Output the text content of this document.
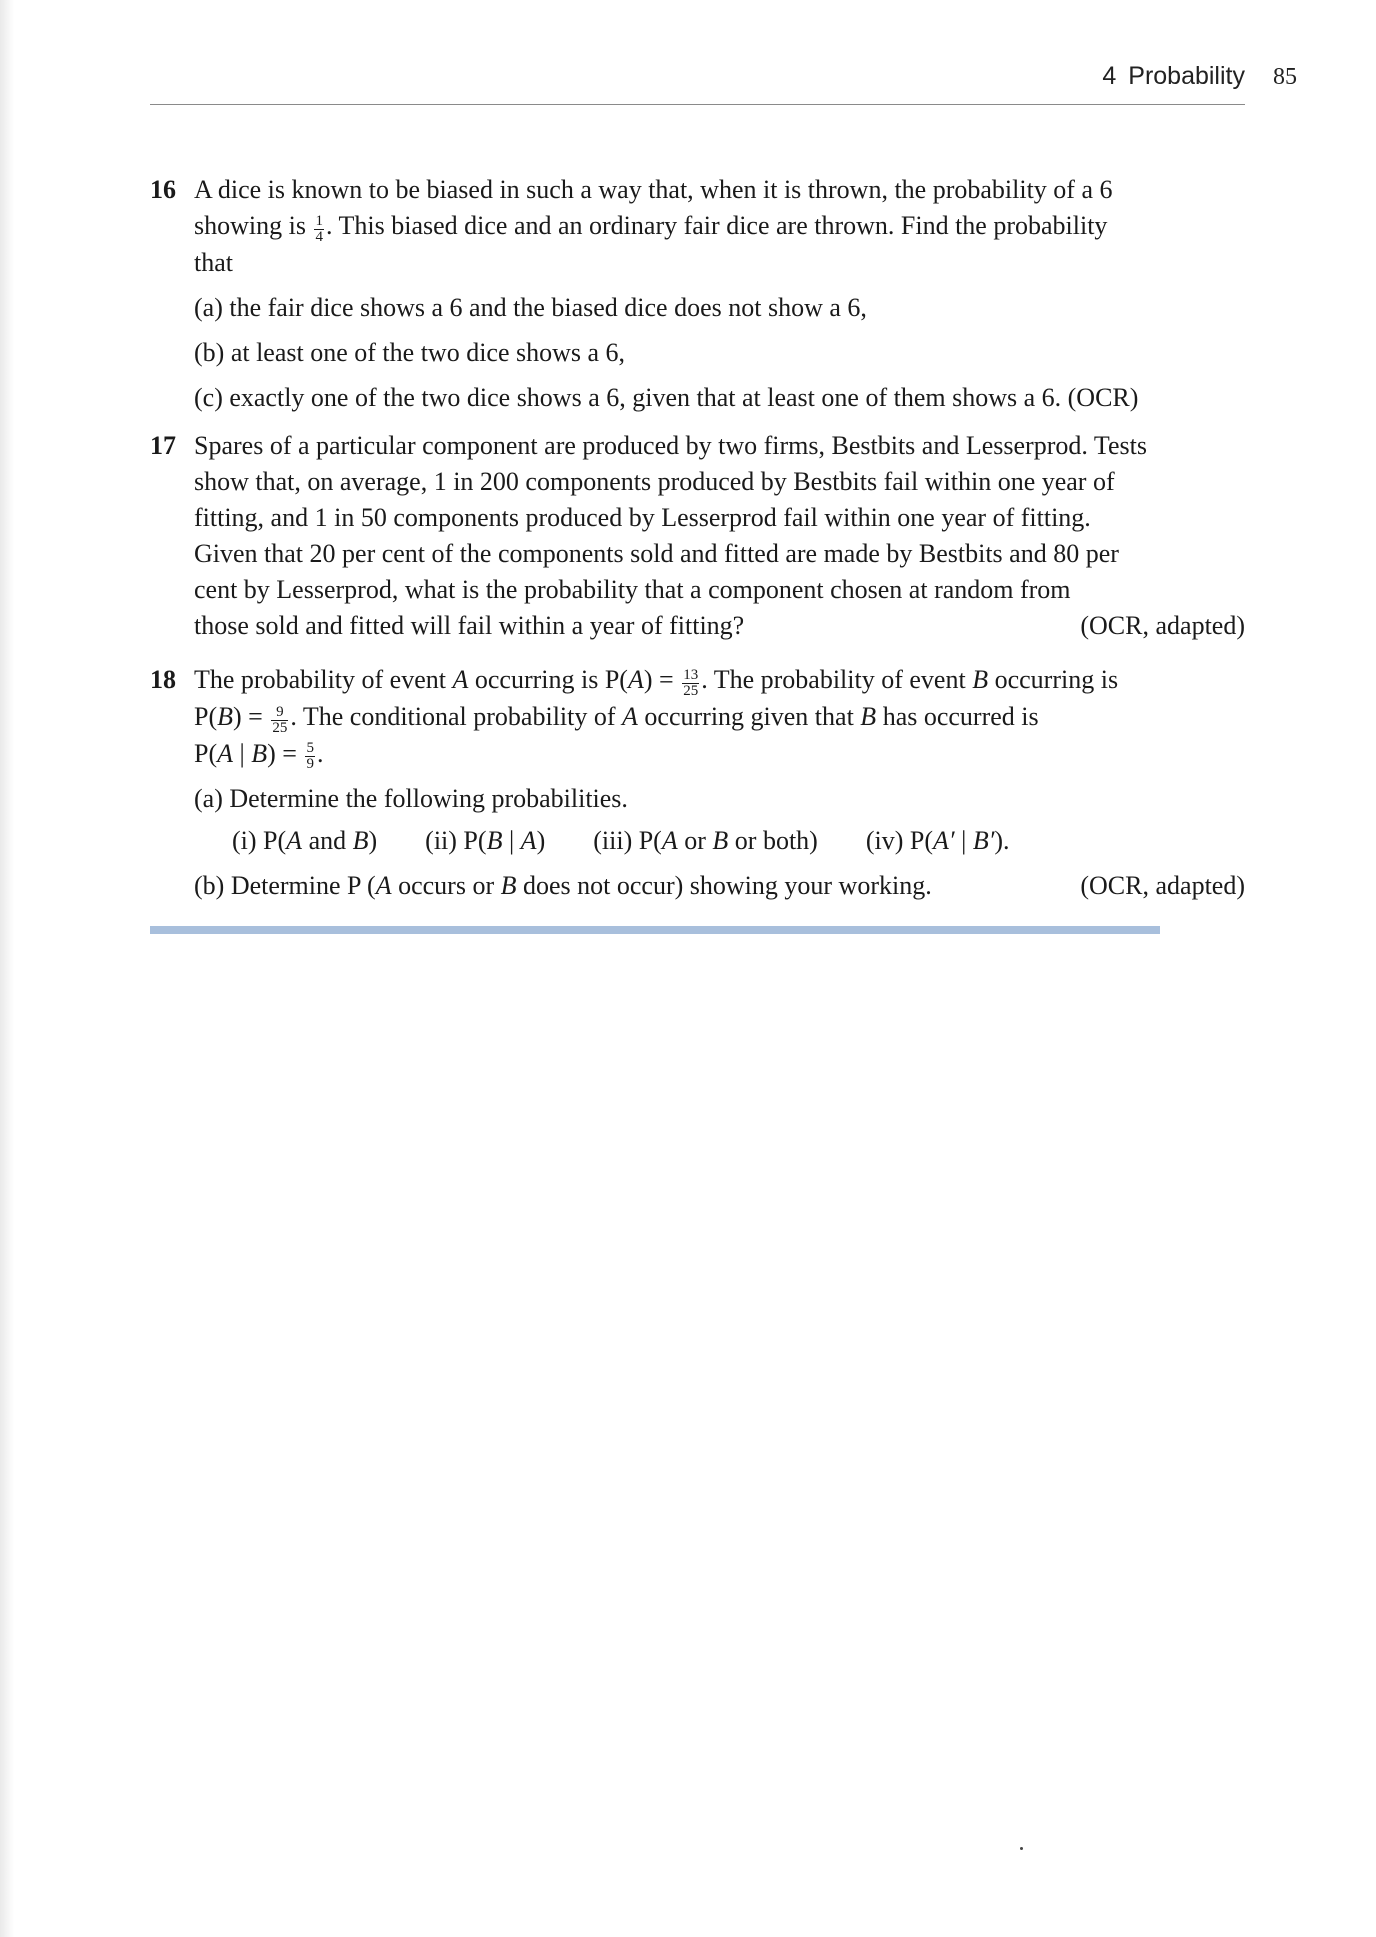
4 Probability 85
16 A dice is known to be biased in such a way that, when it is thrown, the probability of a 6
showing is $\frac{1}{4}$ . This biased dice and an ordinary fair dice are thrown. Find the probability
that
(a) the fair dice shows a 6 and the biased dice does not show a 6,
(b) at least one of the two dice shows a 6,
(c) exactly one of the two dice shows a 6, given that at least one of them shows a 6. (OCR)
17 Spares of a particular component are produced by two firms, Bestbits and Lesserprod. Tests
show that, on average, 1 in 200 components produced by Bestbits fail within one year of
fitting, and 1 in 50 components produced by Lesserprod fail within one year of fitting.
Given that 20 per cent of the components sold and fitted are made by Bestbits and 80 per
cent by Lesserprod, what is the probability that a component chosen at random from
those sold and fitted will fail within a year of fitting?	(OCR, adapted)
18 The probability of event A occurring is $P(A) = \frac{13}{25}$ . The probability of event B occurring is
$P(B) = \frac{9}{25}$ . The conditional probability of A occurring given that B has occurred is
P(A | $B) = \frac{5}{9}$ .
(a) Determine the following probabilities.
(i) P(A and B) (ii) P(B | A) (iii) P(A or B or both) (iv) P(A′ | B′).
(b) Determine P (A occurs or B does not occur) showing your working.	(OCR, adapted)
